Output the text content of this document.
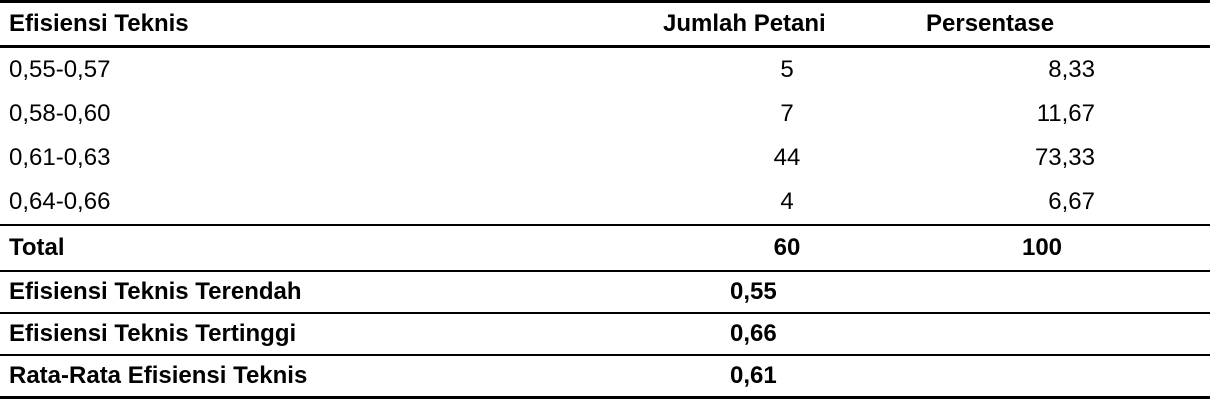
Efisiensi Teknis	Jumlah Petani	Persentase
0,55-0,57	5	8,33
0,58-0,60	7	11,67
0,61-0,63	44	73,33
0,64-0,66	4	6,67
Total	60	100
Efisiensi Teknis Terendah	0,55	
Efisiensi Teknis Tertinggi	0,66	
Rata-Rata Efisiensi Teknis	0,61	
